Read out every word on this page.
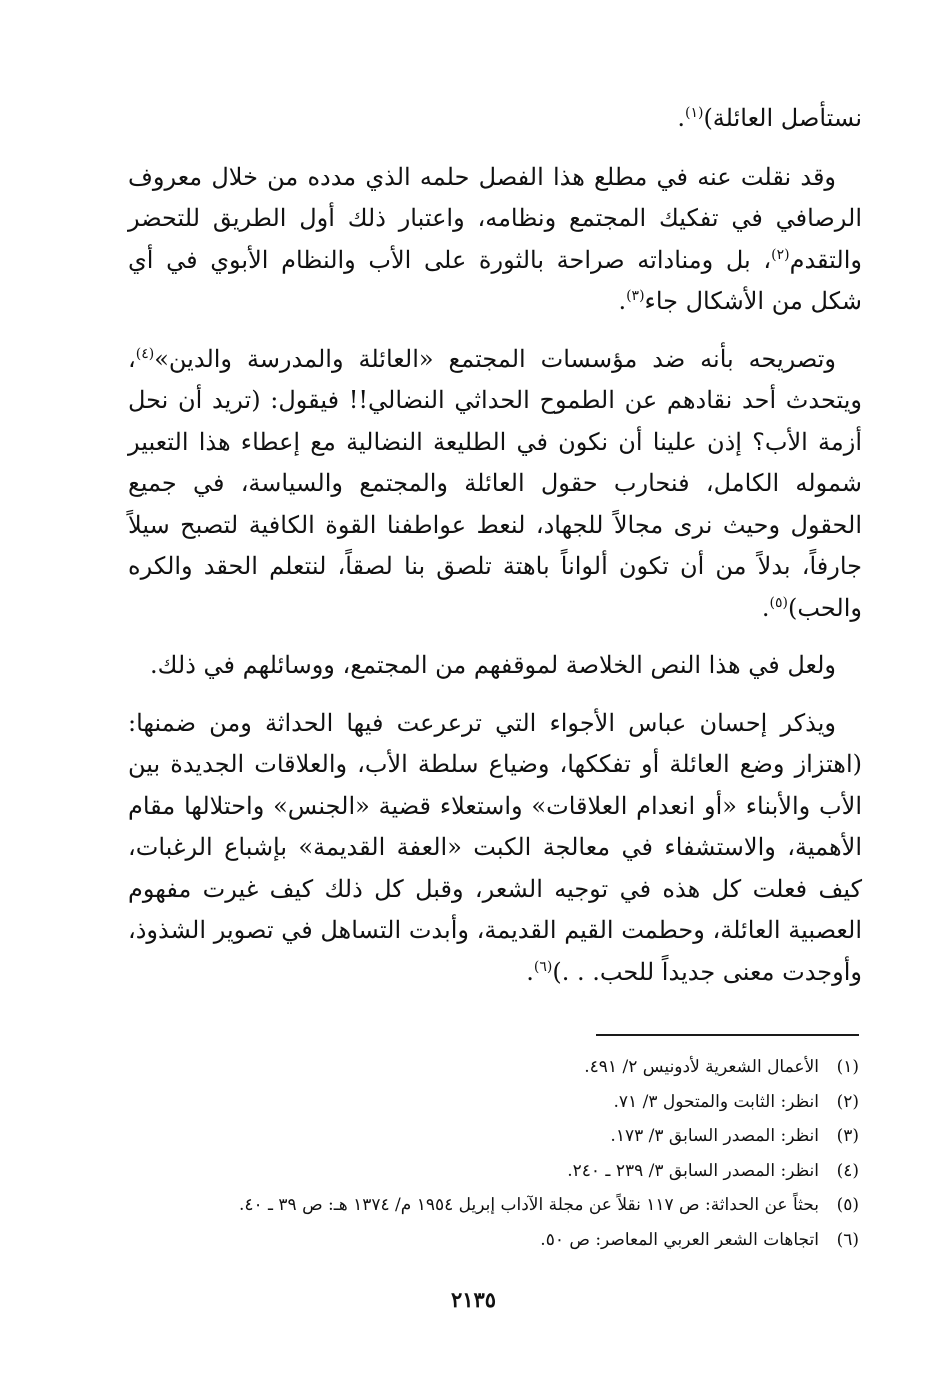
نستأصل العائلة)$^{(١)}$.

وقد نقلت عنه في مطلع هذا الفصل حلمه الذي مدده من خلال معروف الرصافي في تفكيك المجتمع ونظامه، واعتبار ذلك أول الطريق للتحضر والتقدم$^{(٢)}$، بل ومناداته صراحة بالثورة على الأب والنظام الأبوي في أي شكل من الأشكال جاء$^{(٣)}$.

وتصريحه بأنه ضد مؤسسات المجتمع «العائلة والمدرسة والدين»$^{(٤)}$، ويتحدث أحد نقادهم عن الطموح الحداثي النضالي!! فيقول: (تريد أن نحل أزمة الأب؟ إذن علينا أن نكون في الطليعة النضالية مع إعطاء هذا التعبير شموله الكامل، فنحارب حقول العائلة والمجتمع والسياسة، في جميع الحقول وحيث نرى مجالاً للجهاد، لنعط عواطفنا القوة الكافية لتصبح سيلاً جارفاً، بدلاً من أن تكون ألواناً باهتة تلصق بنا لصقاً، لنتعلم الحقد والكره والحب)$^{(٥)}$.

ولعل في هذا النص الخلاصة لموقفهم من المجتمع، ووسائلهم في ذلك.

ويذكر إحسان عباس الأجواء التي ترعرعت فيها الحداثة ومن ضمنها: (اهتزاز وضع العائلة أو تفككها، وضياع سلطة الأب، والعلاقات الجديدة بين الأب والأبناء «أو انعدام العلاقات» واستعلاء قضية «الجنس» واحتلالها مقام الأهمية، والاستشفاء في معالجة الكبت «العفة القديمة» بإشباع الرغبات، كيف فعلت كل هذه في توجيه الشعر، وقبل كل ذلك كيف غيرت مفهوم العصبية العائلة، وحطمت القيم القديمة، وأبدت التساهل في تصوير الشذوذ، وأوجدت معنى جديداً للحب. . .)$^{(٦)}$.

(١)الأعمال الشعرية لأدونيس ٢/ ٤٩١.
(٢)انظر: الثابت والمتحول ٣/ ٧١.
(٣)انظر: المصدر السابق ٣/ ١٧٣.
(٤)انظر: المصدر السابق ٣/ ٢٣٩ ـ ٢٤٠.
(٥)بحثاً عن الحداثة: ص ١١٧ نقلاً عن مجلة الآداب إبريل ١٩٥٤ م/ ١٣٧٤ هـ: ص ٣٩ ـ ٤٠.
(٦)اتجاهات الشعر العربي المعاصر: ص ٥٠.
٢١٣٥
